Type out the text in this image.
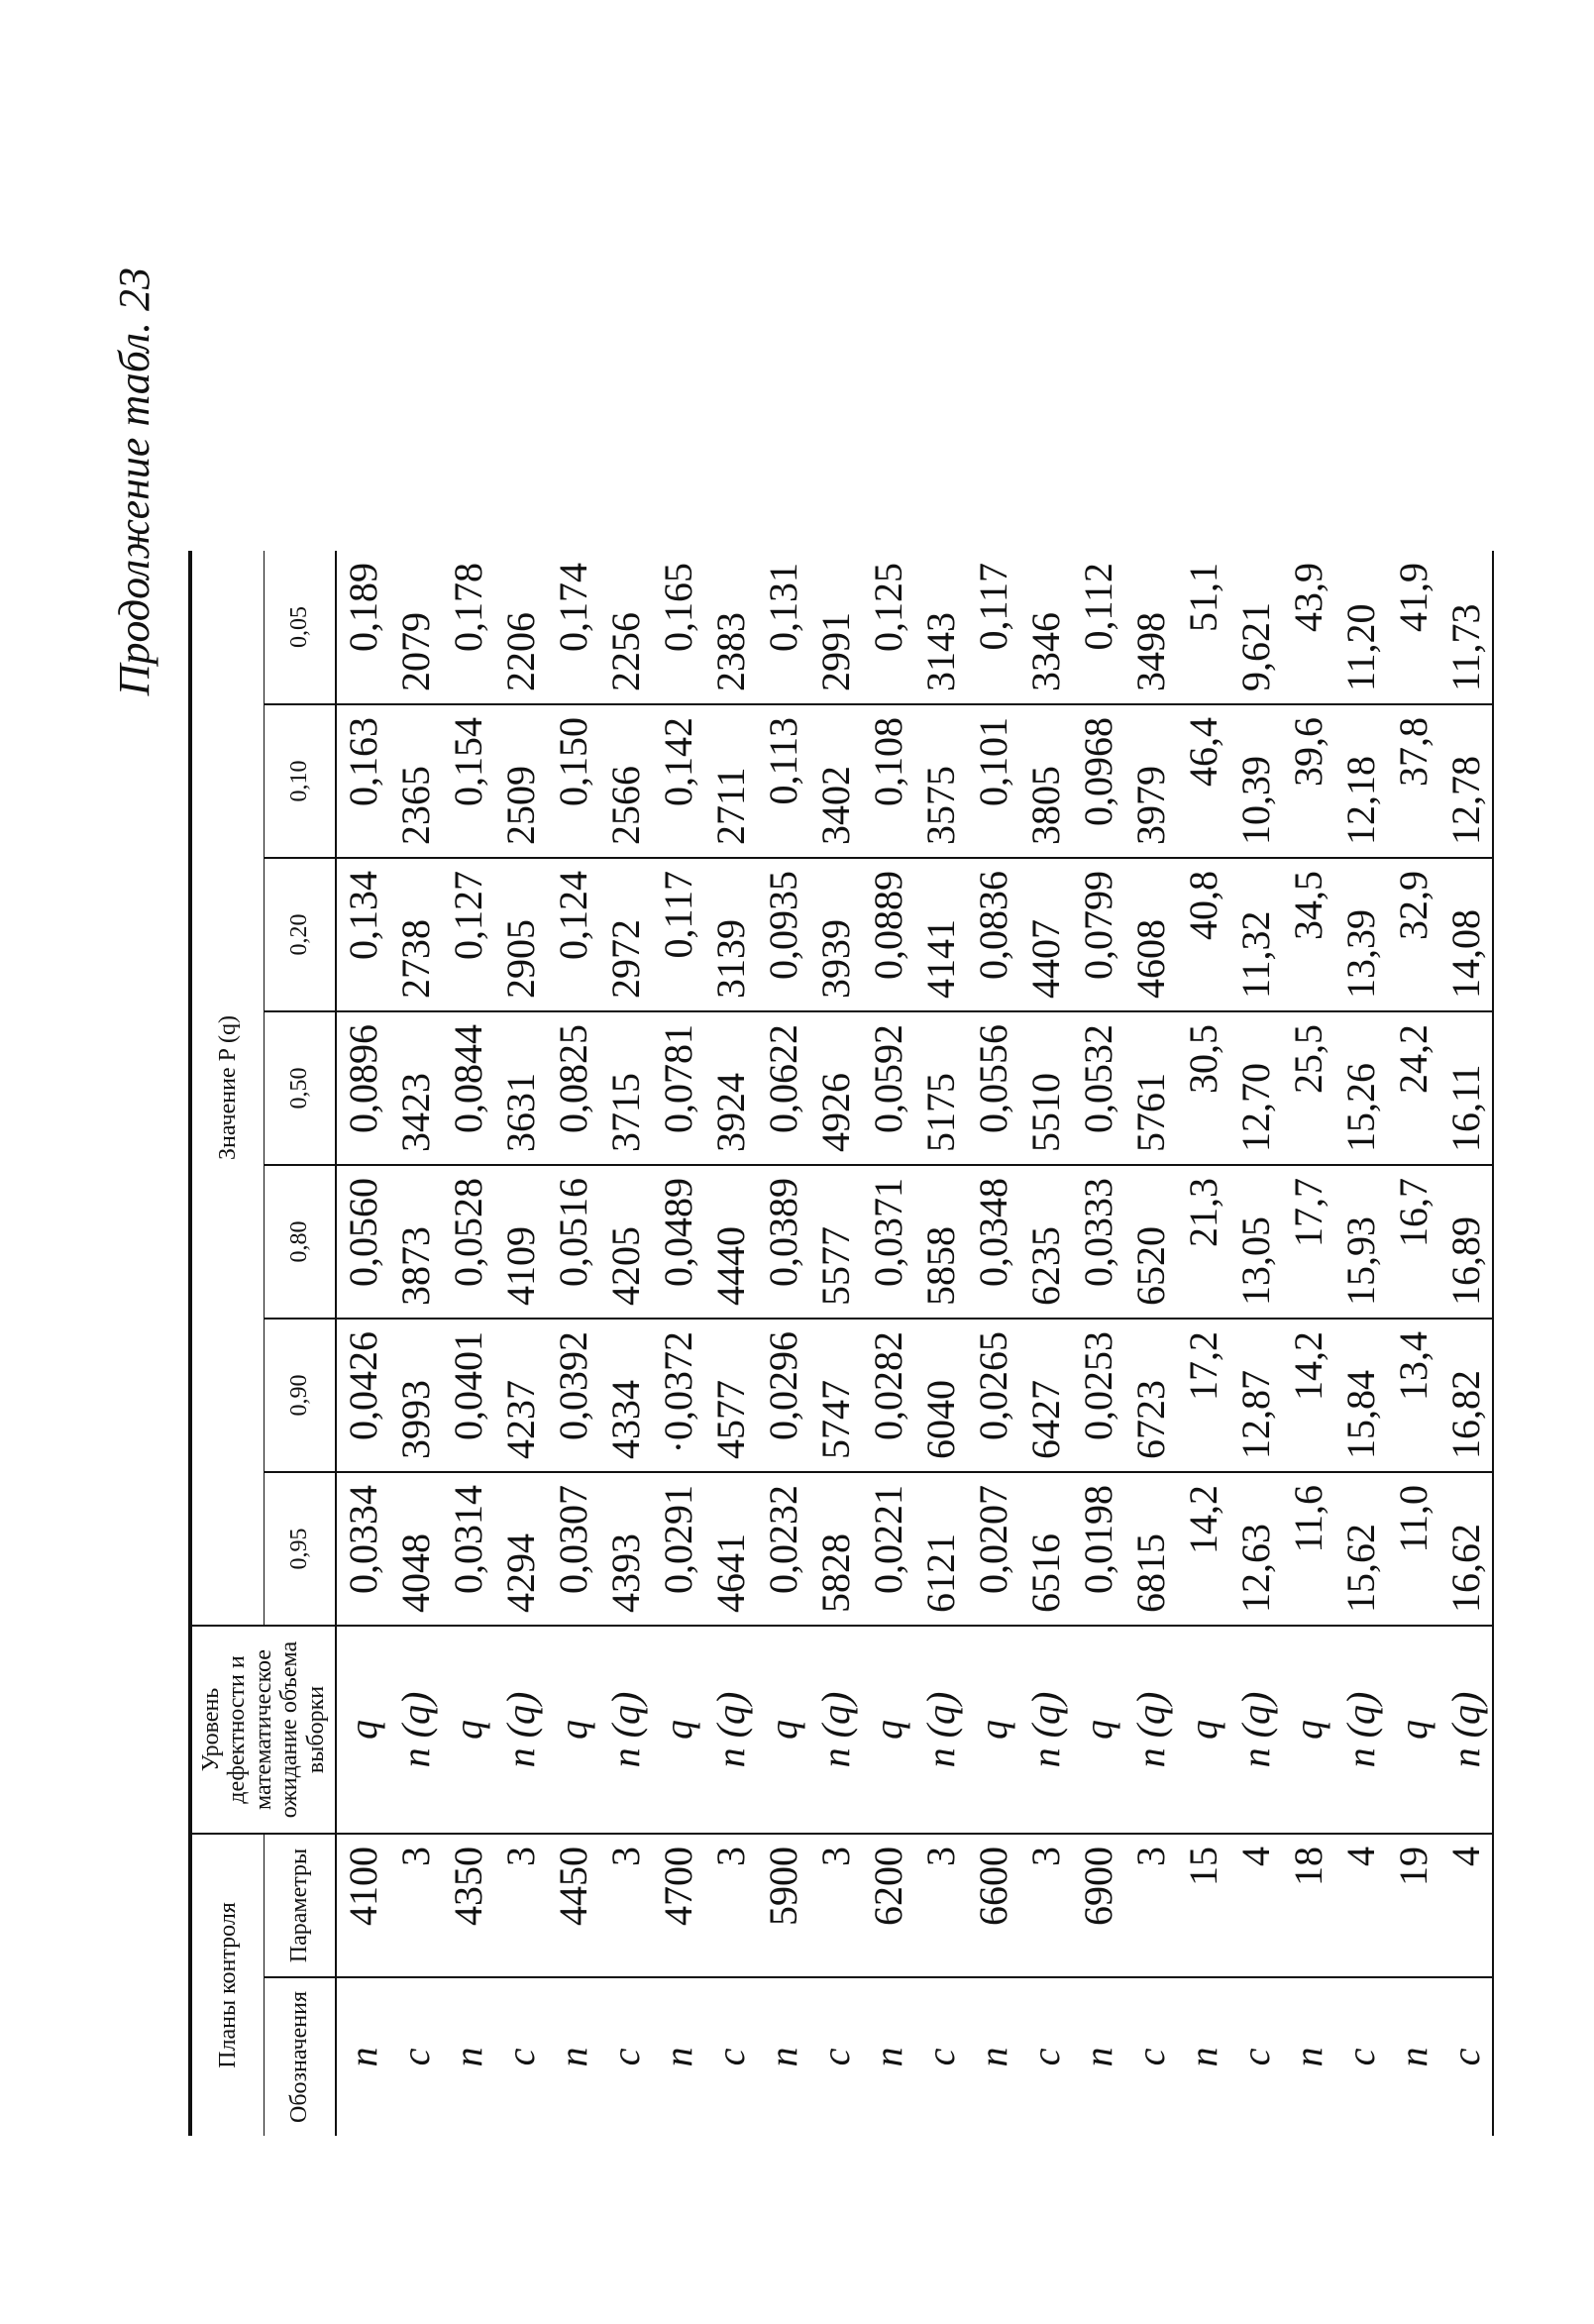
Продолжение табл. 23
Планы контроля		Уровень дефектности и математическое ожидание объема выборки	Значение P (q)						
Обозначения	Параметры		0,95	0,90	0,80	0,50	0,20	0,10	0,05
n	4100	q	0,0334	0,0426	0,0560	0,0896	0,134	0,163	0,189
c	3	n (q)	4048	3993	3873	3423	2738	2365	2079
n	4350	q	0,0314	0,0401	0,0528	0,0844	0,127	0,154	0,178
c	3	n (q)	4294	4237	4109	3631	2905	2509	2206
n	4450	q	0,0307	0,0392	0,0516	0,0825	0,124	0,150	0,174
c	3	n (q)	4393	4334	4205	3715	2972	2566	2256
n	4700	q	0,0291	·0,0372	0,0489	0,0781	0,117	0,142	0,165
c	3	n (q)	4641	4577	4440	3924	3139	2711	2383
n	5900	q	0,0232	0,0296	0,0389	0,0622	0,0935	0,113	0,131
c	3	n (q)	5828	5747	5577	4926	3939	3402	2991
n	6200	q	0,0221	0,0282	0,0371	0,0592	0,0889	0,108	0,125
c	3	n (q)	6121	6040	5858	5175	4141	3575	3143
n	6600	q	0,0207	0,0265	0,0348	0,0556	0,0836	0,101	0,117
c	3	n (q)	6516	6427	6235	5510	4407	3805	3346
n	6900	q	0,0198	0,0253	0,0333	0,0532	0,0799	0,0968	0,112
c	3	n (q)	6815	6723	6520	5761	4608	3979	3498
n	15	q	14,2	17,2	21,3	30,5	40,8	46,4	51,1
c	4	n (q)	12,63	12,87	13,05	12,70	11,32	10,39	9,621
n	18	q	11,6	14,2	17,7	25,5	34,5	39,6	43,9
c	4	n (q)	15,62	15,84	15,93	15,26	13,39	12,18	11,20
n	19	q	11,0	13,4	16,7	24,2	32,9	37,8	41,9
c	4	n (q)	16,62	16,82	16,89	16,11	14,08	12,78	11,73
